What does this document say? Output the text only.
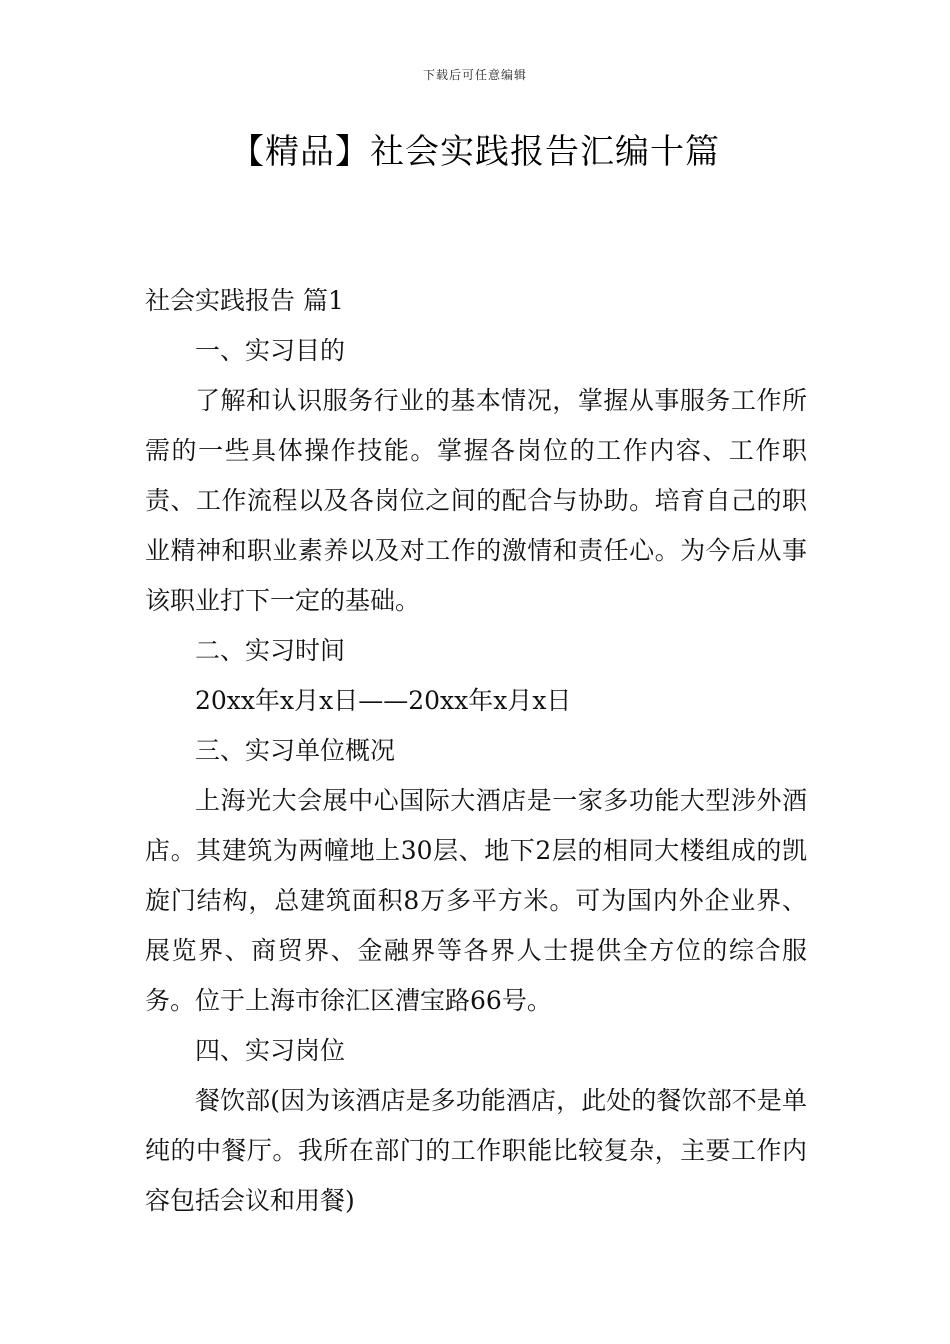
下载后可任意编辑
【精品】社会实践报告汇编十篇
社会实践报告 篇1
一、实习目的
了解和认识服务行业的基本情况，掌握从事服务工作所需的一些具体操作技能。掌握各岗位的工作内容、工作职责、工作流程以及各岗位之间的配合与协助。培育自己的职业精神和职业素养以及对工作的激情和责任心。为今后从事该职业打下一定的基础。
二、实习时间
20xx年x月x日——20xx年x月x日
三、实习单位概况
上海光大会展中心国际大酒店是一家多功能大型涉外酒店。其建筑为两幢地上30层、地下2层的相同大楼组成的凯旋门结构，总建筑面积8万多平方米。可为国内外企业界、展览界、商贸界、金融界等各界人士提供全方位的综合服务。位于上海市徐汇区漕宝路66号。
四、实习岗位
餐饮部(因为该酒店是多功能酒店，此处的餐饮部不是单纯的中餐厅。我所在部门的工作职能比较复杂，主要工作内容包括会议和用餐)
